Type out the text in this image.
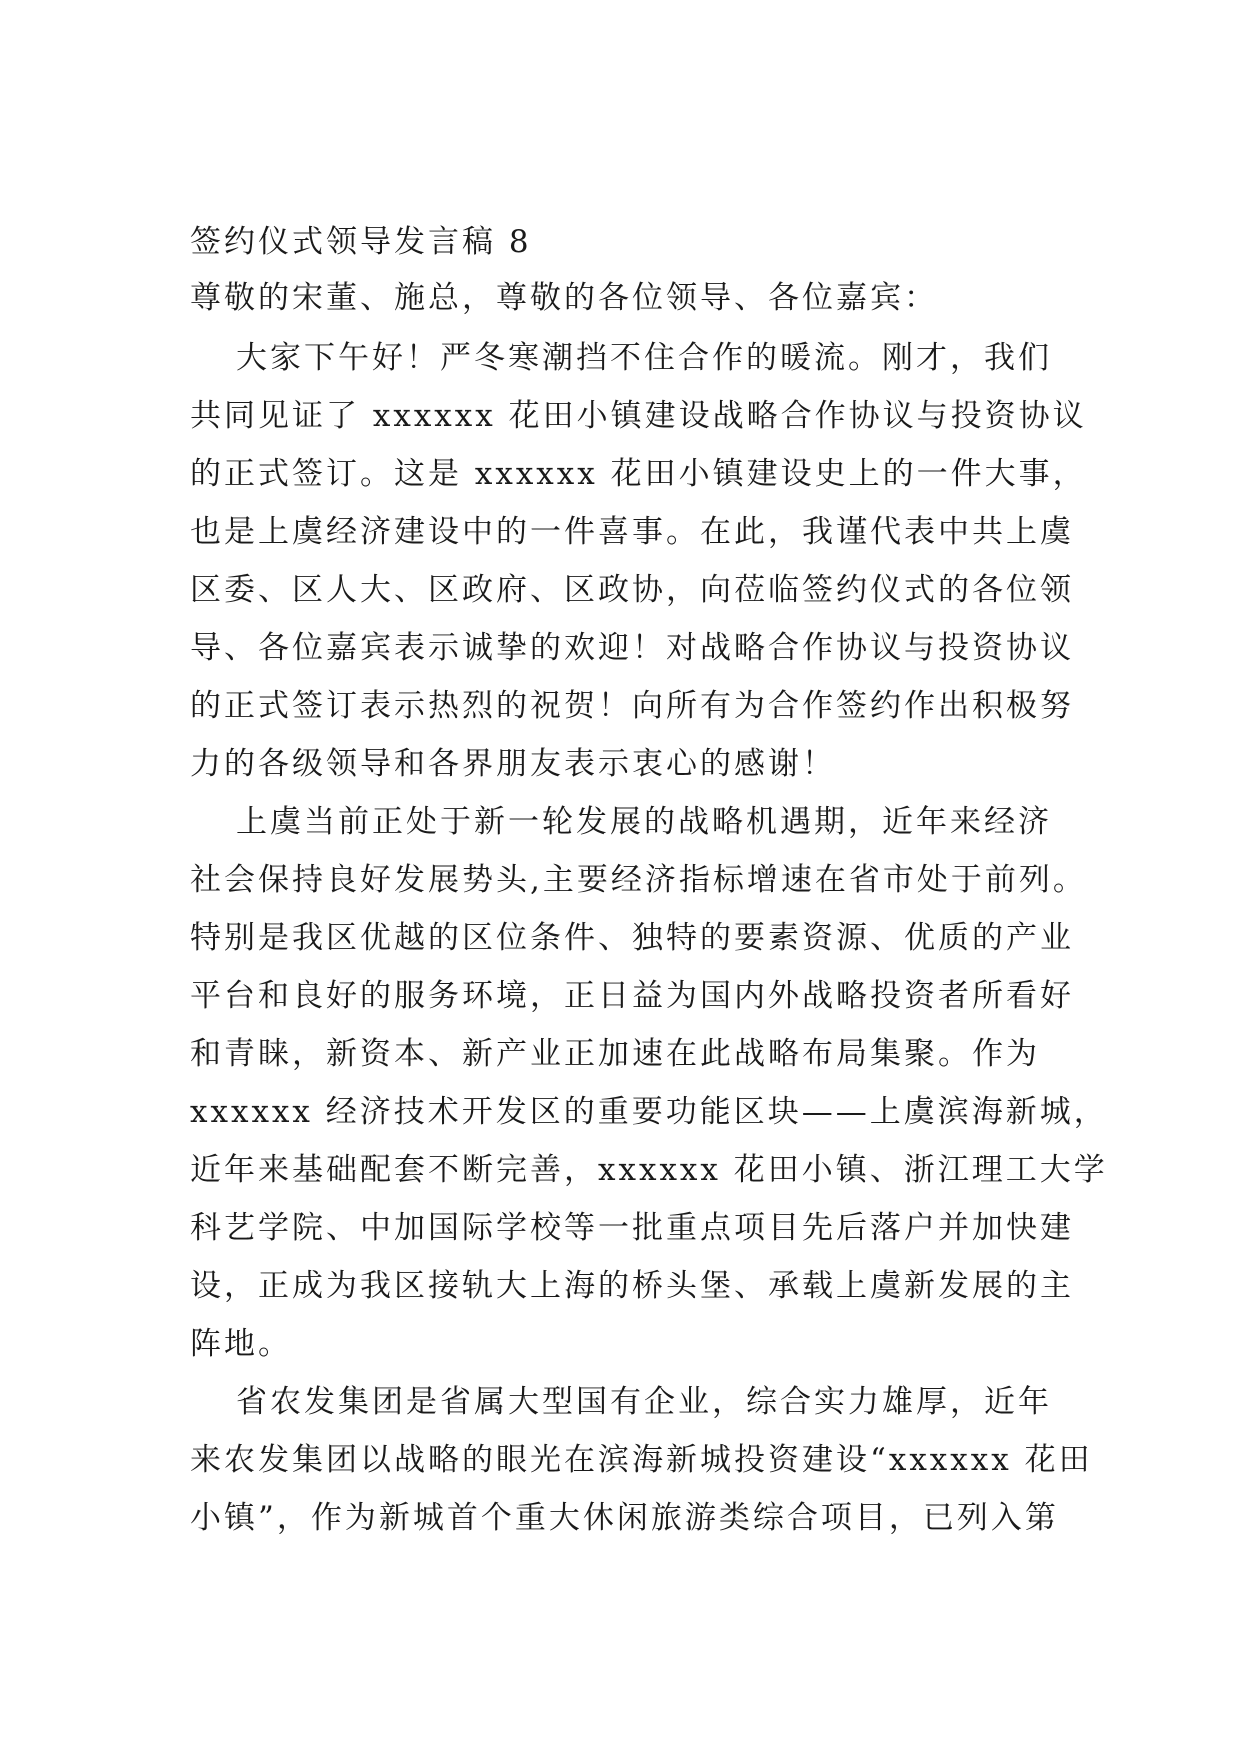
签约仪式领导发言稿 8
尊敬的宋董、施总，尊敬的各位领导、各位嘉宾：
大家下午好！严冬寒潮挡不住合作的暖流。刚才，我们
共同见证了 xxxxxx 花田小镇建设战略合作协议与投资协议
的正式签订。这是 xxxxxx 花田小镇建设史上的一件大事，
也是上虞经济建设中的一件喜事。在此，我谨代表中共上虞
区委、区人大、区政府、区政协，向莅临签约仪式的各位领
导、各位嘉宾表示诚挚的欢迎！对战略合作协议与投资协议
的正式签订表示热烈的祝贺！向所有为合作签约作出积极努
力的各级领导和各界朋友表示衷心的感谢！
上虞当前正处于新一轮发展的战略机遇期，近年来经济
社会保持良好发展势头,主要经济指标增速在省市处于前列。
特别是我区优越的区位条件、独特的要素资源、优质的产业
平台和良好的服务环境，正日益为国内外战略投资者所看好
和青睐，新资本、新产业正加速在此战略布局集聚。作为
xxxxxx 经济技术开发区的重要功能区块——上虞滨海新城，
近年来基础配套不断完善，xxxxxx 花田小镇、浙江理工大学
科艺学院、中加国际学校等一批重点项目先后落户并加快建
设，正成为我区接轨大上海的桥头堡、承载上虞新发展的主
阵地。
省农发集团是省属大型国有企业，综合实力雄厚，近年
来农发集团以战略的眼光在滨海新城投资建设“xxxxxx 花田
小镇”，作为新城首个重大休闲旅游类综合项目，已列入第
